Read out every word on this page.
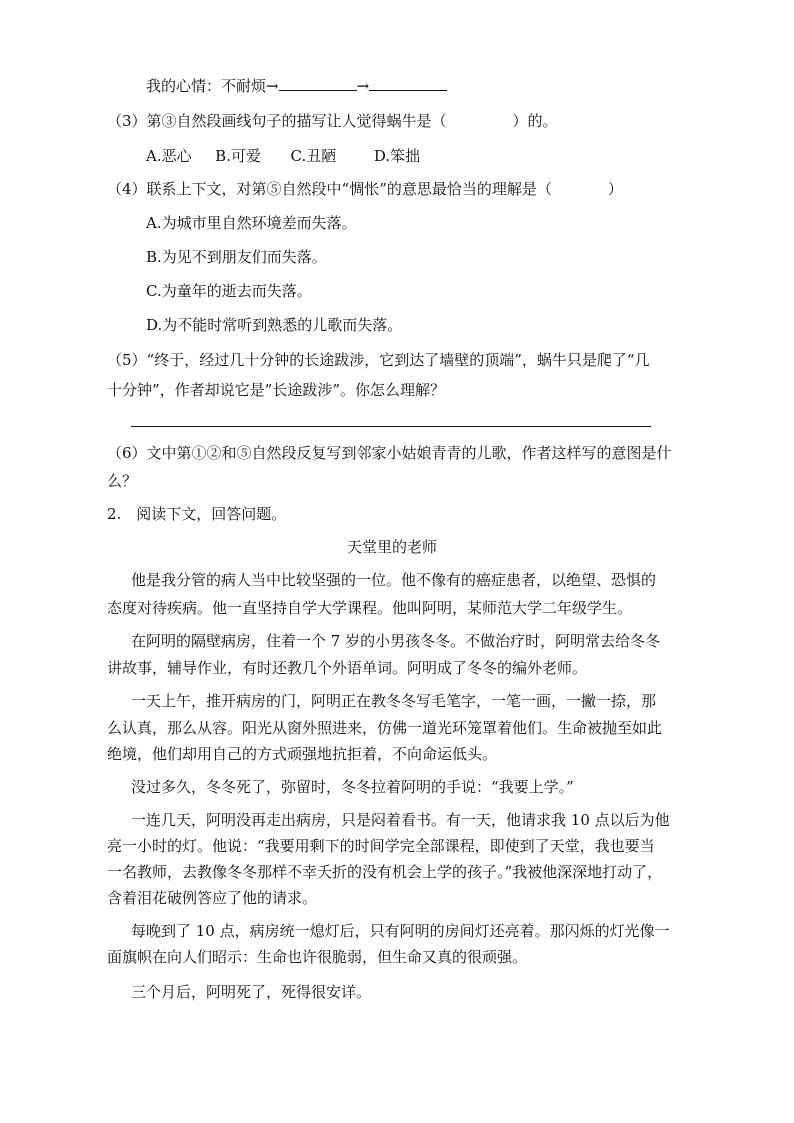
我的心情：不耐烦→	→
（3）第③自然段画线句子的描写让人觉得蜗牛是（	）的。
A.恶心 B.可爱 C.丑陋	D.笨拙
（4）联系上下文，对第⑤自然段中“惆怅”的意思最恰当的理解是（	）
A.为城市里自然环境差而失落。
B.为见不到朋友们而失落。
C.为童年的逝去而失落。
D.为不能时常听到熟悉的儿歌而失落。
（5）“终于，经过几十分钟的长途跋涉，它到达了墙壁的顶端”，蜗牛只是爬了“几
十分钟”，作者却说它是”长途跋涉”。你怎么理解？
（6）文中第①②和⑤自然段反复写到邻家小姑娘青青的儿歌，作者这样写的意图是什
么？
2.　阅读下文，回答问题。
天堂里的老师
他是我分管的病人当中比较坚强的一位。他不像有的癌症患者，以绝望、恐惧的
态度对待疾病。他一直坚持自学大学课程。他叫阿明，某师范大学二年级学生。
在阿明的隔壁病房，住着一个 7 岁的小男孩冬冬。不做治疗时，阿明常去给冬冬
讲故事，辅导作业，有时还教几个外语单词。阿明成了冬冬的编外老师。
一天上午，推开病房的门，阿明正在教冬冬写毛笔字，一笔一画，一撇一捺，那
么认真，那么从容。阳光从窗外照进来，仿佛一道光环笼罩着他们。生命被抛至如此
绝境，他们却用自己的方式顽强地抗拒着，不向命运低头。
没过多久，冬冬死了，弥留时，冬冬拉着阿明的手说：“我要上学。”
一连几天，阿明没再走出病房，只是闷着看书。有一天，他请求我 10 点以后为他
亮一小时的灯。他说：“我要用剩下的时间学完全部课程，即使到了天堂，我也要当
一名教师，去教像冬冬那样不幸夭折的没有机会上学的孩子。”我被他深深地打动了，
含着泪花破例答应了他的请求。
每晚到了 10 点，病房统一熄灯后，只有阿明的房间灯还亮着。那闪烁的灯光像一
面旗帜在向人们昭示：生命也许很脆弱，但生命又真的很顽强。
三个月后，阿明死了，死得很安详。
